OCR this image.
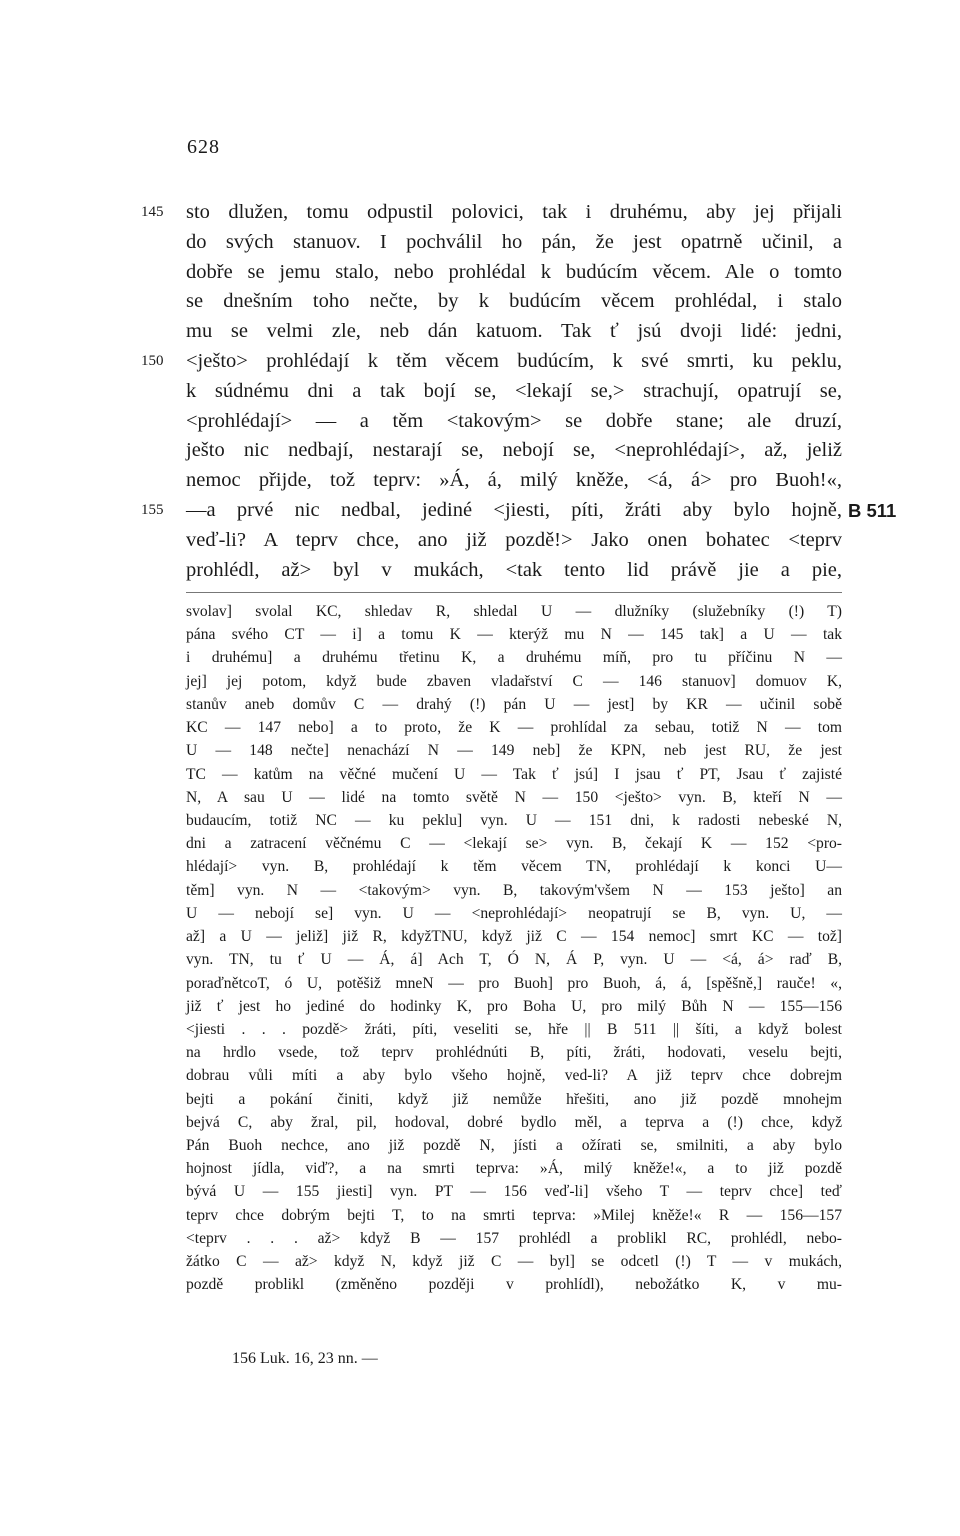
628
145	sto dlužen, tomu odpustil polovici, tak i druhému, aby jej přijali
do svých stanuov. I pochválil ho pán, že jest opatrně učinil, a
dobře se jemu stalo, nebo prohlédal k budúcím věcem. Ale o tomto
se dnešním toho nečte, by k budúcím věcem prohlédal, i stalo
mu se velmi zle, neb dán katuom. Tak ť jsú dvoji lidé: jedni,
150	<ješto> prohlédají k těm věcem budúcím, k své smrti, ku peklu,
k súdnému dni a tak bojí se, <lekají se,> strachují, opatrují se,
<prohlédají> — a těm <takovým> se dobře stane; ale druzí,
ješto nic nedbají, nestarají se, nebojí se, <neprohlédají>, až, jeliž
nemoc přijde, tož teprv: »Á, á, milý kněže, <á, á> pro Buoh!«,
155	—a prvé nic nedbal, jediné <jiesti, píti, žráti aby bylo hojně, B 511
veď-li? A teprv chce, ano již pozdě!> Jako onen bohatec <teprv
prohlédl, až> byl v mukách, <tak tento lid právě jie a pie,
svolav] svolal KC, shledav R, shledal U — dlužníky (služebníky (!) T)
pána svého CT — i] a tomu K — kterýž mu N — 145 tak] a U — tak
i druhému] a druhému třetinu K, a druhému míň, pro tu příčinu N —
jej] jej potom, když bude zbaven vladařství C — 146 stanuov] domuov K,
stanův aneb domův C — drahý (!) pán U — jest] by KR — učinil sobě
KC — 147 nebo] a to proto, že K — prohlídal za sebau, totiž N — tom
U — 148 nečte] nenachází N — 149 neb] že KPN, neb jest RU, že jest
TC — katům na věčné mučení U — Tak ť jsú] I jsau ť PT, Jsau ť zajisté
N, A sau U — lidé na tomto světě N — 150 <ješto> vyn. B, kteří N —
budaucím, totiž NC — ku peklu] vyn. U — 151 dni, k radosti nebeské N,
dni a zatracení věčnému C — <lekají se> vyn. B, čekají K — 152 <pro-
hlédají> vyn. B, prohlédají k těm věcem TN, prohlédají k konci U—
těm] vyn. N — <takovým> vyn. B, takovým'všem N — 153 ješto] an
U — nebojí se] vyn. U — <neprohlédají> neopatrují se B, vyn. U, —
až] a U — jeliž] již R, kdyžTNU, když již C — 154 nemoc] smrt KC — tož]
vyn. TN, tu ť U — Á, á] Ach T, Ó N, Á P, vyn. U — <á, á> raď B,
poraďnětcoT, ó U, potěšiž mneN — pro Buoh] pro Buoh, á, á, [spěšně,] rauče! «,
již ť jest ho jediné do hodinky K, pro Boha U, pro milý Bůh N — 155—156
<jiesti . . . pozdě> žráti, píti, veseliti se, hře || B 511 || šíti, a když bolest
na hrdlo vsede, tož teprv prohlédnúti B, píti, žráti, hodovati, veselu bejti,
dobrau vůli míti a aby bylo všeho hojně, ved-li? A již teprv chce dobrejm
bejti a pokání činiti, když již nemůže hřešiti, ano již pozdě mnohejm
bejvá C, aby žral, pil, hodoval, dobré bydlo měl, a teprva a (!) chce, když
Pán Buoh nechce, ano již pozdě N, jísti a ožírati se, smilniti, a aby bylo
hojnost jídla, viď?, a na smrti teprva: »Á, milý kněže!«, a to již pozdě
bývá U — 155 jiesti] vyn. PT — 156 veď-li] všeho T — teprv chce] teď
teprv chce dobrým bejti T, to na smrti teprva: »Milej kněže!« R — 156—157
<teprv . . . až> když B — 157 prohlédl a problikl RC, prohlédl, nebo-
žátko C — až> když N, když již C — byl] se odcetl (!) T — v mukách,
pozdě problikl (změněno později v prohlídl), nebožátko K, v mu-
156 Luk. 16, 23 nn. —
